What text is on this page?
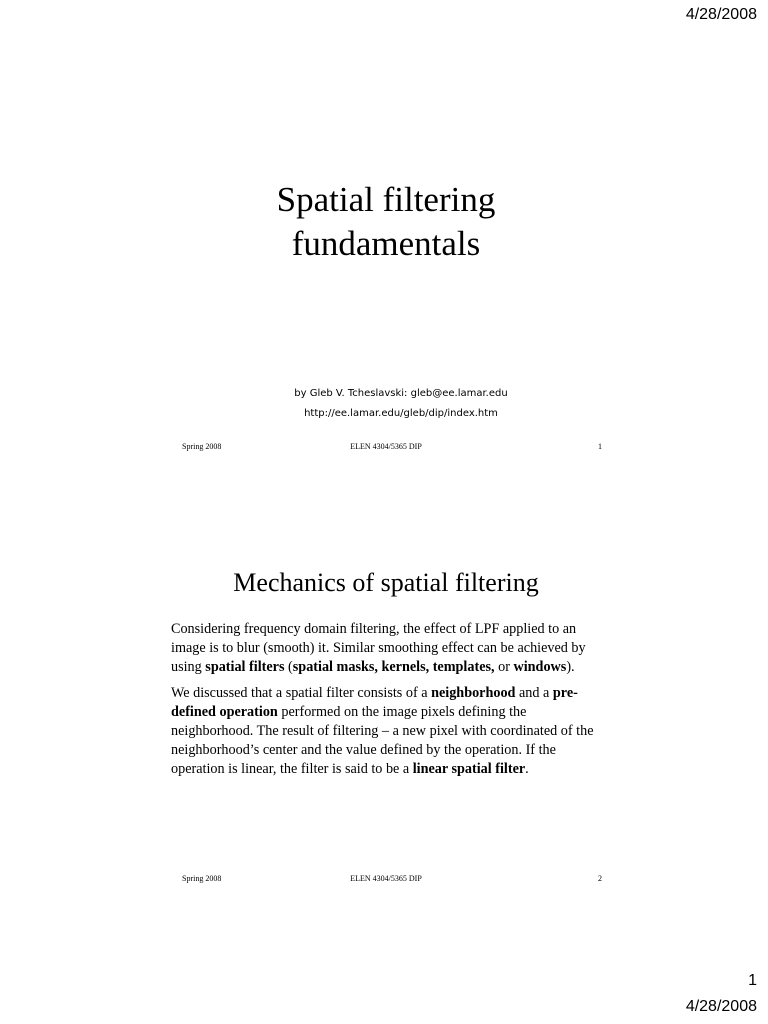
4/28/2008
Spatial filtering
fundamentals
by Gleb V. Tcheslavski: gleb@ee.lamar.edu
http://ee.lamar.edu/gleb/dip/index.htm
Spring 2008	ELEN 4304/5365 DIP	1
Mechanics of spatial filtering

Considering frequency domain filtering, the effect of LPF applied to an image is to blur (smooth) it. Similar smoothing effect can be achieved by using spatial filters (spatial masks, kernels, templates, or windows).

We discussed that a spatial filter consists of a neighborhood and a pre-defined operation performed on the image pixels defining the neighborhood. The result of filtering – a new pixel with coordinated of the neighborhood’s center and the value defined by the operation. If the operation is linear, the filter is said to be a linear spatial filter.

Spring 2008	ELEN 4304/5365 DIP	2
1
4/28/2008
